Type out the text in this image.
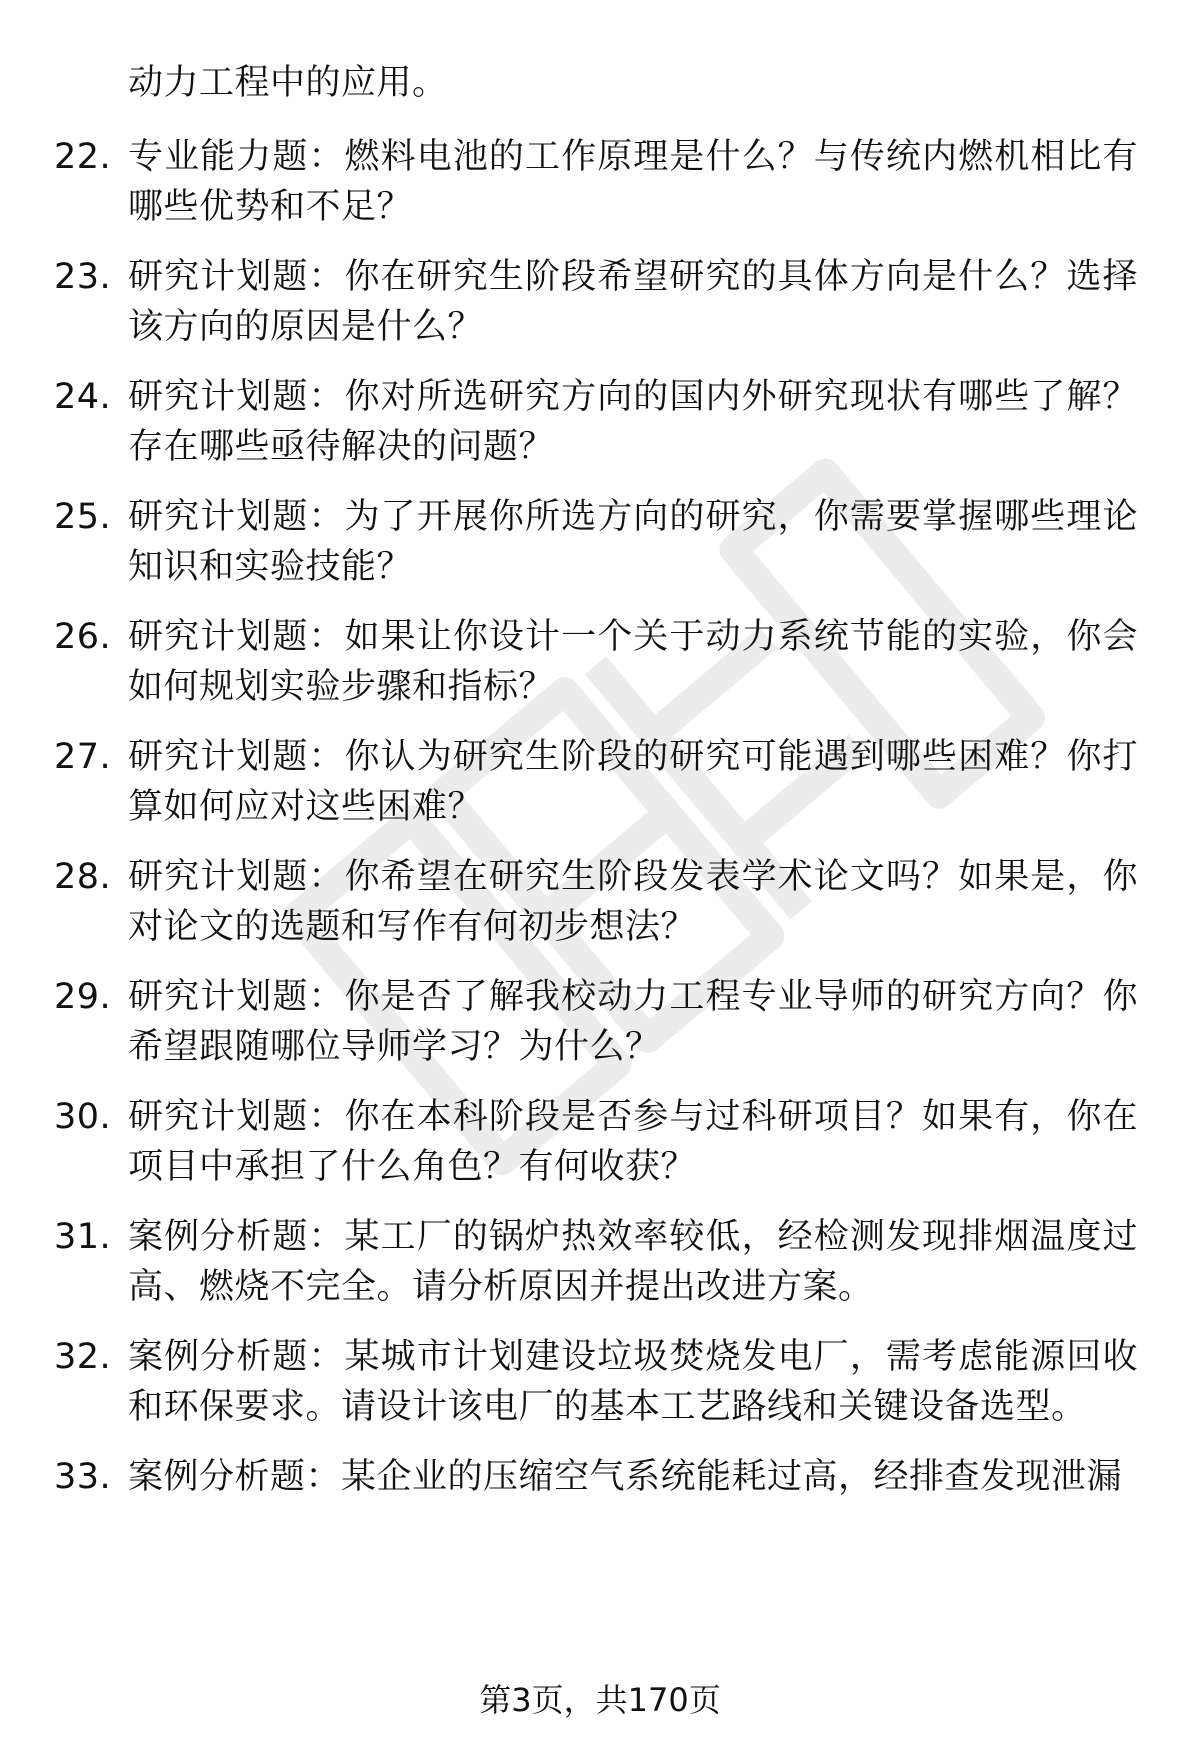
动力工程中的应用。
22. 专业能力题：燃料电池的工作原理是什么？与传统内燃机相比有哪些优势和不足？
23. 研究计划题：你在研究生阶段希望研究的具体方向是什么？选择该方向的原因是什么？
24. 研究计划题：你对所选研究方向的国内外研究现状有哪些了解？存在哪些亟待解决的问题？
25. 研究计划题：为了开展你所选方向的研究，你需要掌握哪些理论知识和实验技能？
26. 研究计划题：如果让你设计一个关于动力系统节能的实验，你会如何规划实验步骤和指标？
27. 研究计划题：你认为研究生阶段的研究可能遇到哪些困难？你打算如何应对这些困难？
28. 研究计划题：你希望在研究生阶段发表学术论文吗？如果是，你对论文的选题和写作有何初步想法？
29. 研究计划题：你是否了解我校动力工程专业导师的研究方向？你希望跟随哪位导师学习？为什么？
30. 研究计划题：你在本科阶段是否参与过科研项目？如果有，你在项目中承担了什么角色？有何收获？
31. 案例分析题：某工厂的锅炉热效率较低，经检测发现排烟温度过高、燃烧不完全。请分析原因并提出改进方案。
32. 案例分析题：某城市计划建设垃圾焚烧发电厂，需考虑能源回收和环保要求。请设计该电厂的基本工艺路线和关键设备选型。
33. 案例分析题：某企业的压缩空气系统能耗过高，经排查发现泄漏
第3页，共170页
